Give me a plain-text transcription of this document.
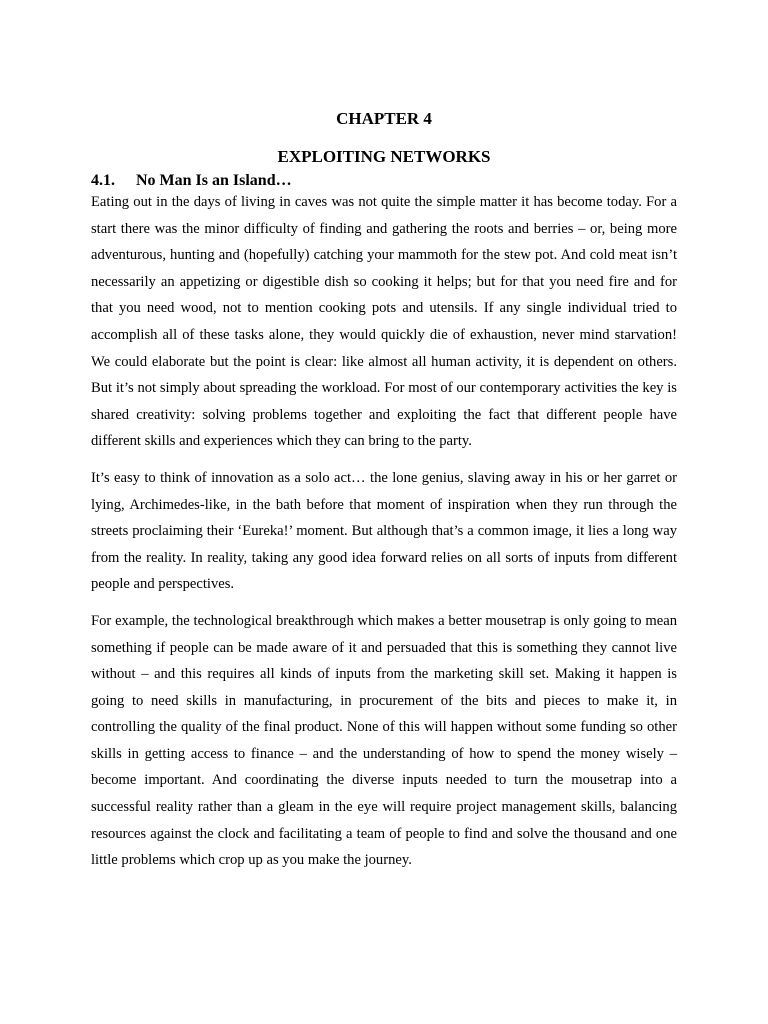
CHAPTER 4
EXPLOITING NETWORKS
4.1. No Man Is an Island…

Eating out in the days of living in caves was not quite the simple matter it has become today. For a start there was the minor difficulty of finding and gathering the roots and berries – or, being more adventurous, hunting and (hopefully) catching your mammoth for the stew pot. And cold meat isn’t necessarily an appetizing or digestible dish so cooking it helps; but for that you need fire and for that you need wood, not to mention cooking pots and utensils. If any single individual tried to accomplish all of these tasks alone, they would quickly die of exhaustion, never mind starvation! We could elaborate but the point is clear: like almost all human activity, it is dependent on others. But it’s not simply about spreading the workload. For most of our contemporary activities the key is shared creativity: solving problems together and exploiting the fact that different people have different skills and experiences which they can bring to the party.

It’s easy to think of innovation as a solo act… the lone genius, slaving away in his or her garret or lying, Archimedes-like, in the bath before that moment of inspiration when they run through the streets proclaiming their ‘Eureka!’ moment. But although that’s a common image, it lies a long way from the reality. In reality, taking any good idea forward relies on all sorts of inputs from different people and perspectives.

For example, the technological breakthrough which makes a better mousetrap is only going to mean something if people can be made aware of it and persuaded that this is something they cannot live without – and this requires all kinds of inputs from the marketing skill set. Making it happen is going to need skills in manufacturing, in procurement of the bits and pieces to make it, in controlling the quality of the final product. None of this will happen without some funding so other skills in getting access to finance – and the understanding of how to spend the money wisely – become important. And coordinating the diverse inputs needed to turn the mousetrap into a successful reality rather than a gleam in the eye will require project management skills, balancing resources against the clock and facilitating a team of people to find and solve the thousand and one little problems which crop up as you make the journey.
